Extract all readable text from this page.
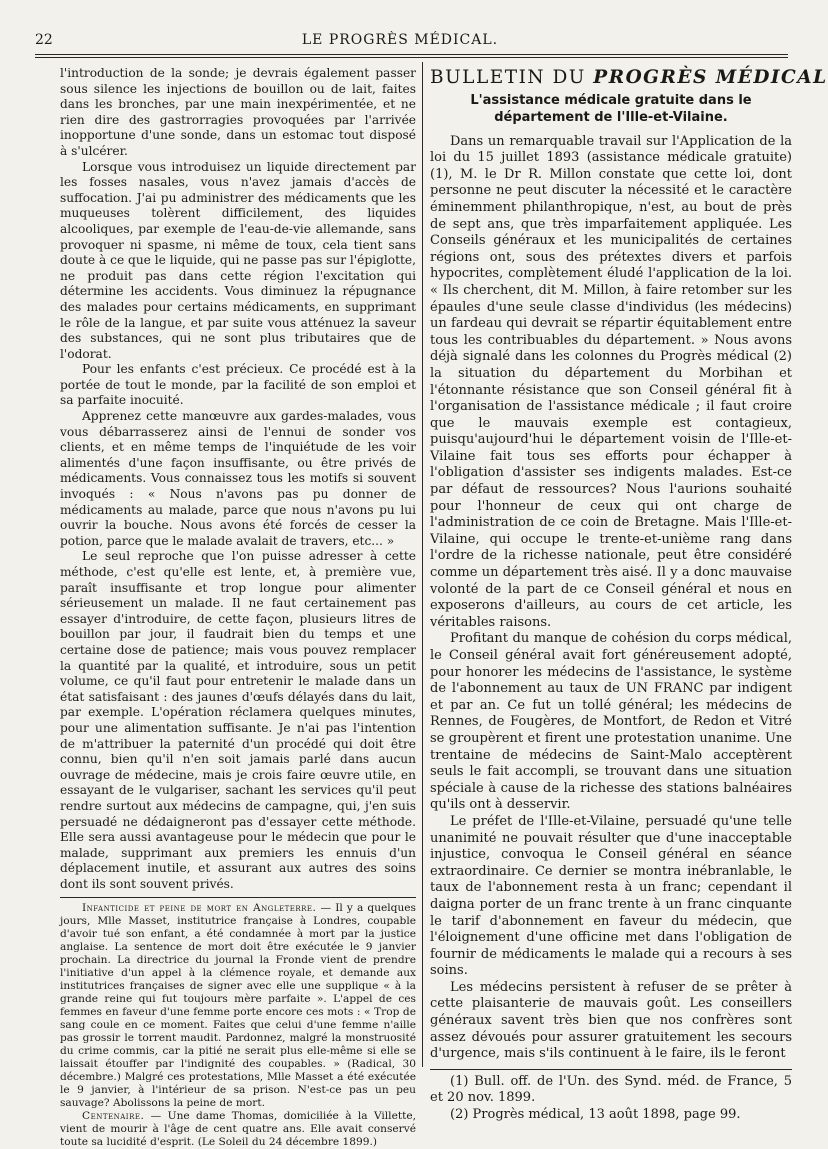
22	LE PROGRÈS MÉDICAL.

l'introduction de la sonde; je devrais également passer sous silence les injections de bouillon ou de lait, faites dans les bronches, par une main inexpérimentée, et ne rien dire des gastrorragies provoquées par l'arrivée inopportune d'une sonde, dans un estomac tout disposé à s'ulcérer.

Lorsque vous introduisez un liquide directement par les fosses nasales, vous n'avez jamais d'accès de suffocation. J'ai pu administrer des médicaments que les muqueuses tolèrent difficilement, des liquides alcooliques, par exemple de l'eau-de-vie allemande, sans provoquer ni spasme, ni même de toux, cela tient sans doute à ce que le liquide, qui ne passe pas sur l'épiglotte, ne produit pas dans cette région l'excitation qui détermine les accidents. Vous diminuez la répugnance des malades pour certains médicaments, en supprimant le rôle de la langue, et par suite vous atténuez la saveur des substances, qui ne sont plus tributaires que de l'odorat.

Pour les enfants c'est précieux. Ce procédé est à la portée de tout le monde, par la facilité de son emploi et sa parfaite inocuité.

Apprenez cette manœuvre aux gardes-malades, vous vous débarrasserez ainsi de l'ennui de sonder vos clients, et en même temps de l'inquiétude de les voir alimentés d'une façon insuffisante, ou être privés de médicaments. Vous connaissez tous les motifs si souvent invoqués : « Nous n'avons pas pu donner de médicaments au malade, parce que nous n'avons pu lui ouvrir la bouche. Nous avons été forcés de cesser la potion, parce que le malade avalait de travers, etc... »

Le seul reproche que l'on puisse adresser à cette méthode, c'est qu'elle est lente, et, à première vue, paraît insuffisante et trop longue pour alimenter sérieusement un malade. Il ne faut certainement pas essayer d'introduire, de cette façon, plusieurs litres de bouillon par jour, il faudrait bien du temps et une certaine dose de patience; mais vous pouvez remplacer la quantité par la qualité, et introduire, sous un petit volume, ce qu'il faut pour entretenir le malade dans un état satisfaisant : des jaunes d'œufs délayés dans du lait, par exemple. L'opération réclamera quelques minutes, pour une alimentation suffisante. Je n'ai pas l'intention de m'attribuer la paternité d'un procédé qui doit être connu, bien qu'il n'en soit jamais parlé dans aucun ouvrage de médecine, mais je crois faire œuvre utile, en essayant de le vulgariser, sachant les services qu'il peut rendre surtout aux médecins de campagne, qui, j'en suis persuadé ne dédaigneront pas d'essayer cette méthode. Elle sera aussi avantageuse pour le médecin que pour le malade, supprimant aux premiers les ennuis d'un déplacement inutile, et assurant aux autres des soins dont ils sont souvent privés.

Infanticide et peine de mort en Angleterre. — Il y a quelques jours, Mlle Masset, institutrice française à Londres, coupable d'avoir tué son enfant, a été condamnée à mort par la justice anglaise. La sentence de mort doit être exécutée le 9 janvier prochain. La directrice du journal la Fronde vient de prendre l'initiative d'un appel à la clémence royale, et demande aux institutrices françaises de signer avec elle une supplique « à la grande reine qui fut toujours mère parfaite ». L'appel de ces femmes en faveur d'une femme porte encore ces mots : « Trop de sang coule en ce moment. Faites que celui d'une femme n'aille pas grossir le torrent maudit. Pardonnez, malgré la monstruosité du crime commis, car la pitié ne serait plus elle-même si elle se laissait étouffer par l'indignité des coupables. » (Radical, 30 décembre.) Malgré ces protestations, Mlle Masset a été exécutée le 9 janvier, à l'intérieur de sa prison. N'est-ce pas un peu sauvage? Abolissons la peine de mort.

Centenaire. — Une dame Thomas, domiciliée à la Villette, vient de mourir à l'âge de cent quatre ans. Elle avait conservé toute sa lucidité d'esprit. (Le Soleil du 24 décembre 1899.)

BULLETIN DU PROGRÈS MÉDICAL
L'assistance médicale gratuite dans le
département de l'Ille-et-Vilaine.

Dans un remarquable travail sur l'Application de la loi du 15 juillet 1893 (assistance médicale gratuite) (1), M. le Dr R. Millon constate que cette loi, dont personne ne peut discuter la nécessité et le caractère éminemment philanthropique, n'est, au bout de près de sept ans, que très imparfaitement appliquée. Les Conseils généraux et les municipalités de certaines régions ont, sous des prétextes divers et parfois hypocrites, complètement éludé l'application de la loi. « Ils cherchent, dit M. Millon, à faire retomber sur les épaules d'une seule classe d'individus (les médecins) un fardeau qui devrait se répartir équitablement entre tous les contribuables du département. » Nous avons déjà signalé dans les colonnes du Progrès médical (2) la situation du département du Morbihan et l'étonnante résistance que son Conseil général fit à l'organisation de l'assistance médicale ; il faut croire que le mauvais exemple est contagieux, puisqu'aujourd'hui le département voisin de l'Ille-et-Vilaine fait tous ses efforts pour échapper à l'obligation d'assister ses indigents malades. Est-ce par défaut de ressources? Nous l'aurions souhaité pour l'honneur de ceux qui ont charge de l'administration de ce coin de Bretagne. Mais l'Ille-et-Vilaine, qui occupe le trente-et-unième rang dans l'ordre de la richesse nationale, peut être considéré comme un département très aisé. Il y a donc mauvaise volonté de la part de ce Conseil général et nous en exposerons d'ailleurs, au cours de cet article, les véritables raisons.

Profitant du manque de cohésion du corps médical, le Conseil général avait fort généreusement adopté, pour honorer les médecins de l'assistance, le système de l'abonnement au taux de UN FRANC par indigent et par an. Ce fut un tollé général; les médecins de Rennes, de Fougères, de Montfort, de Redon et Vitré se groupèrent et firent une protestation unanime. Une trentaine de médecins de Saint-Malo acceptèrent seuls le fait accompli, se trouvant dans une situation spéciale à cause de la richesse des stations balnéaires qu'ils ont à desservir.

Le préfet de l'Ille-et-Vilaine, persuadé qu'une telle unanimité ne pouvait résulter que d'une inacceptable injustice, convoqua le Conseil général en séance extraordinaire. Ce dernier se montra inébranlable, le taux de l'abonnement resta à un franc; cependant il daigna porter de un franc trente à un franc cinquante le tarif d'abonnement en faveur du médecin, que l'éloignement d'une officine met dans l'obligation de fournir de médicaments le malade qui a recours à ses soins.

Les médecins persistent à refuser de se prêter à cette plaisanterie de mauvais goût. Les conseillers généraux savent très bien que nos confrères sont assez dévoués pour assurer gratuitement les secours d'urgence, mais s'ils continuent à le faire, ils le feront

(1) Bull. off. de l'Un. des Synd. méd. de France, 5 et 20 nov. 1899.

(2) Progrès médical, 13 août 1898, page 99.
